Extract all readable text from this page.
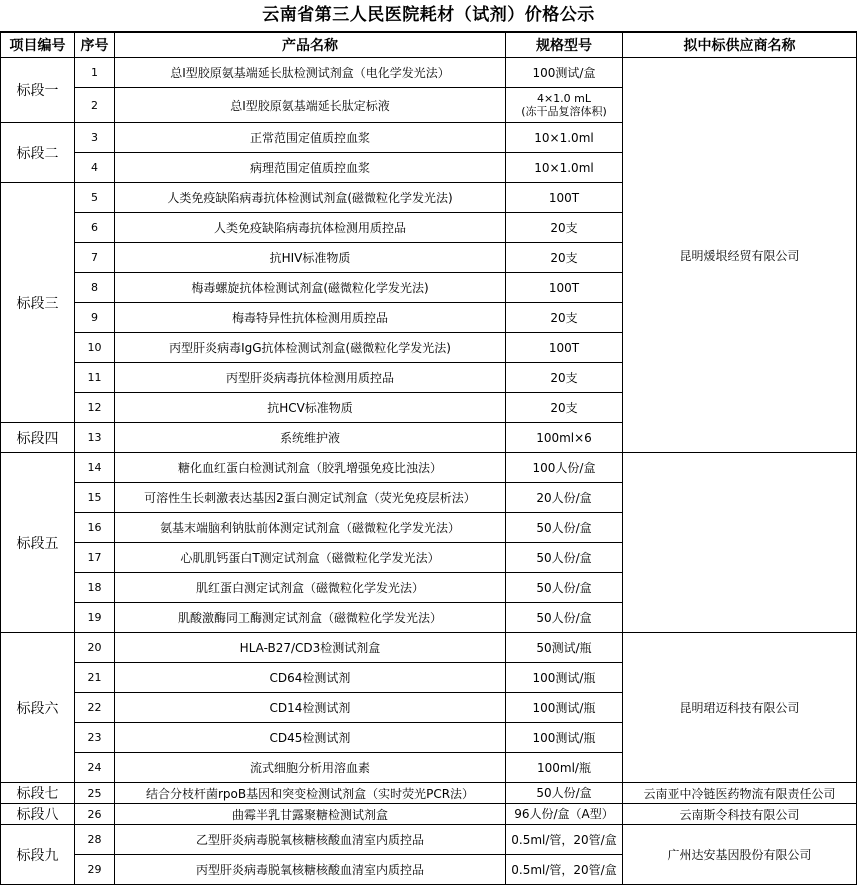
云南省第三人民医院耗材（试剂）价格公示
项目编号	序号	产品名称	规格型号	拟中标供应商名称
标段一	1	总Ⅰ型胶原氨基端延长肽检测试剂盒（电化学发光法）	100测试/盒	昆明煖垠经贸有限公司
	2	总Ⅰ型胶原氨基端延长肽定标液	4×1.0 mL
(冻干品复溶体积)	

标段二	3	正常范围定值质控血浆	10×1.0ml	
	4	病理范围定值质控血浆	10×1.0ml	
标段三	5	人类免疫缺陷病毒抗体检测试剂盒(磁微粒化学发光法)	100T	
	6	人类免疫缺陷病毒抗体检测用质控品	20支	
	7	抗HIV标准物质	20支	
	8	梅毒螺旋抗体检测试剂盒(磁微粒化学发光法)	100T	
	9	梅毒特异性抗体检测用质控品	20支	
	10	丙型肝炎病毒IgG抗体检测试剂盒(磁微粒化学发光法)	100T	
	11	丙型肝炎病毒抗体检测用质控品	20支	
	12	抗HCV标准物质	20支	
标段四	13	系统维护液	100ml×6	
标段五	14	糖化血红蛋白检测试剂盒（胶乳增强免疫比浊法）	100人份/盒	
	15	可溶性生长刺激表达基因2蛋白测定试剂盒（荧光免疫层析法）	20人份/盒	
	16	氨基末端脑利钠肽前体测定试剂盒（磁微粒化学发光法）	50人份/盒	
	17	心肌肌钙蛋白T测定试剂盒（磁微粒化学发光法）	50人份/盒	
	18	肌红蛋白测定试剂盒（磁微粒化学发光法）	50人份/盒	
	19	肌酸激酶同工酶测定试剂盒（磁微粒化学发光法）	50人份/盒	
标段六	20	HLA-B27/CD3检测试剂盒	50测试/瓶	昆明珺迈科技有限公司
	21	CD64检测试剂	100测试/瓶	
	22	CD14检测试剂	100测试/瓶	
	23	CD45检测试剂	100测试/瓶	
	24	流式细胞分析用溶血素	100ml/瓶	
标段七	25	结合分枝杆菌rpoB基因和突变检测试剂盒（实时荧光PCR法）	50人份/盒	云南亚中冷链医药物流有限责任公司
标段八	26	曲霉半乳甘露聚糖检测试剂盒	96人份/盒（A型）	云南斯令科技有限公司
标段九	28	乙型肝炎病毒脱氧核糖核酸血清室内质控品	0.5ml/管，20管/盒	广州达安基因股份有限公司
	29	丙型肝炎病毒脱氧核糖核酸血清室内质控品	0.5ml/管，20管/盒	
